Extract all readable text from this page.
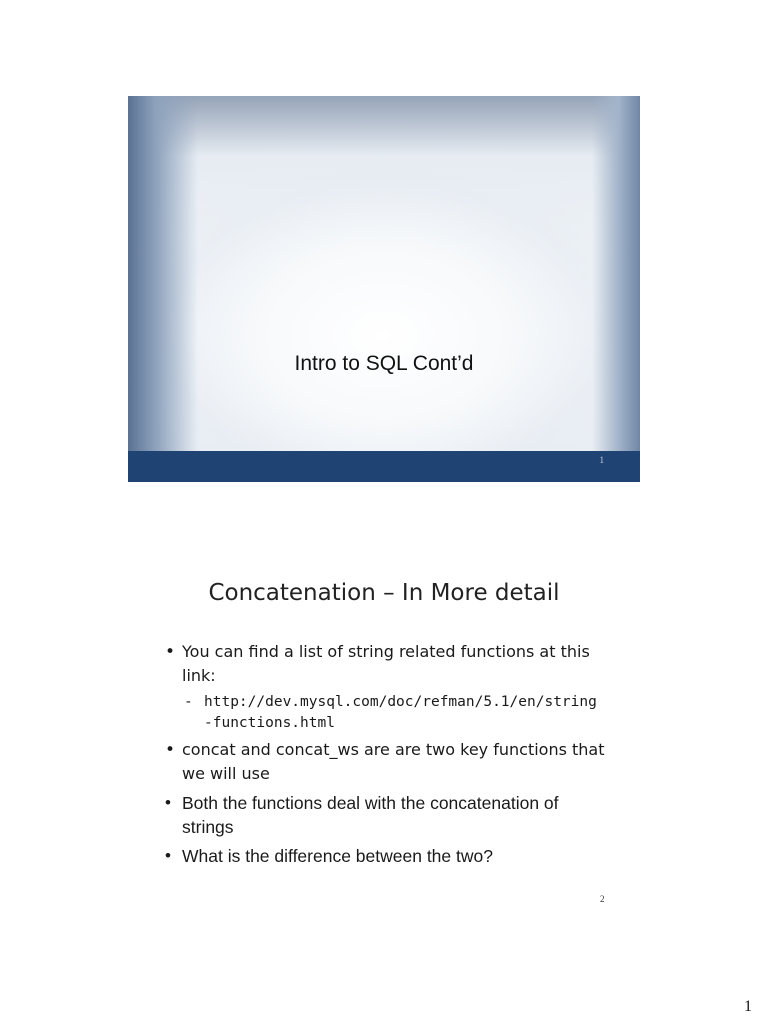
Intro to SQL Cont’d
1
Concatenation – In More detail
• You can find a list of string related functions at this link:
- http://dev.mysql.com/doc/refman/5.1/en/string-functions.html
• concat and concat_ws are are two key functions that we will use
• Both the functions deal with the concatenation of strings
• What is the difference between the two?
2
1
